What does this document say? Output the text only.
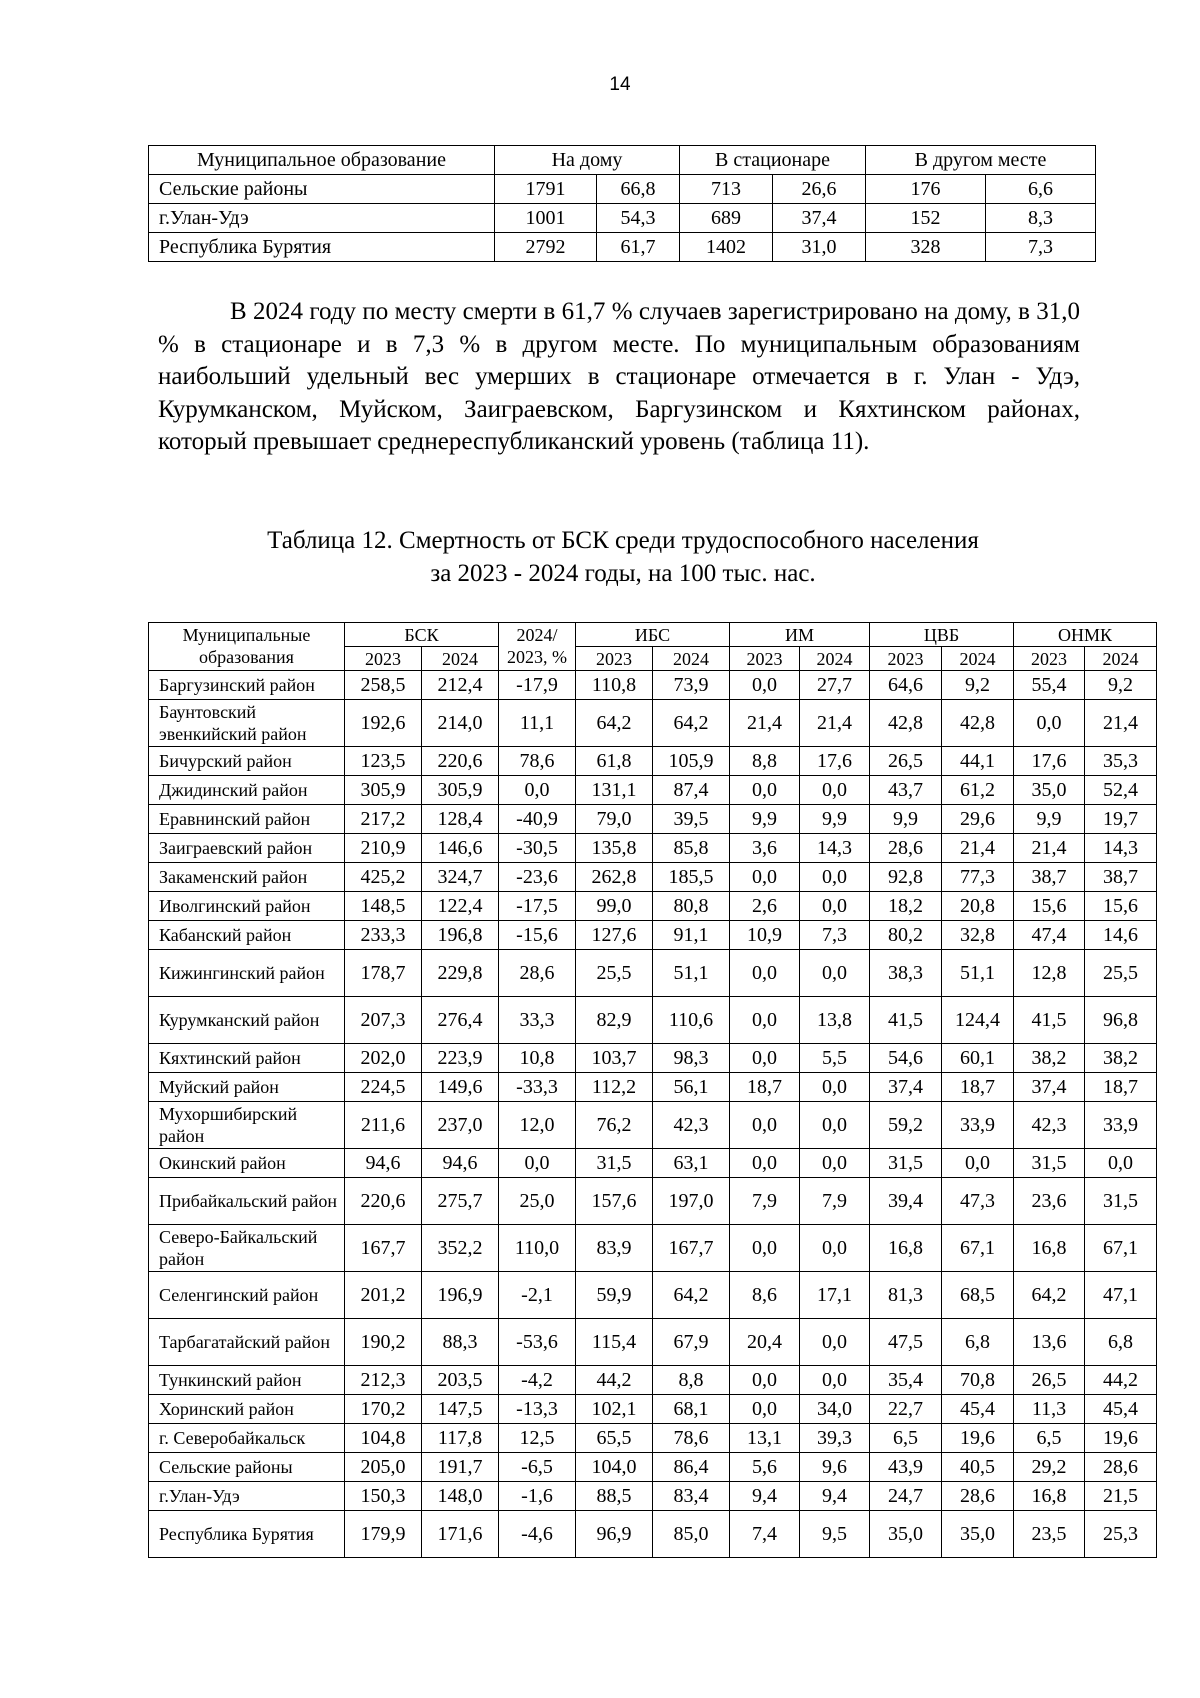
14
Муниципальное образование	На дому		В стационаре		В другом месте	
Сельские районы	1791	66,8	713	26,6	176	6,6
г.Улан-Удэ	1001	54,3	689	37,4	152	8,3
Республика Бурятия	2792	61,7	1402	31,0	328	7,3

В 2024 году по месту смерти в 61,7 % случаев зарегистрировано на дому, в 31,0 % в стационаре и в 7,3 % в другом месте. По муниципальным образованиям наибольший удельный вес умерших в стационаре отмечается в г. Улан - Удэ, Курумканском, Муйском, Заиграевском, Баргузинском и Кяхтинском районах, который превышает среднереспубликанский уровень (таблица 11).

Таблица 12. Смертность от БСК среди трудоспособного населения
за 2023 - 2024 годы, на 100 тыс. нас.
Муниципальные образования	БСК		2024/ 2023, %	ИБС		ИМ		ЦВБ		ОНМК	
	2023	2024		2023	2024	2023	2024	2023	2024	2023	2024
Баргузинский район	258,5	212,4	-17,9	110,8	73,9	0,0	27,7	64,6	9,2	55,4	9,2
Баунтовский эвенкийский район	192,6	214,0	11,1	64,2	64,2	21,4	21,4	42,8	42,8	0,0	21,4
Бичурский район	123,5	220,6	78,6	61,8	105,9	8,8	17,6	26,5	44,1	17,6	35,3
Джидинский район	305,9	305,9	0,0	131,1	87,4	0,0	0,0	43,7	61,2	35,0	52,4
Еравнинский район	217,2	128,4	-40,9	79,0	39,5	9,9	9,9	9,9	29,6	9,9	19,7
Заиграевский район	210,9	146,6	-30,5	135,8	85,8	3,6	14,3	28,6	21,4	21,4	14,3
Закаменский район	425,2	324,7	-23,6	262,8	185,5	0,0	0,0	92,8	77,3	38,7	38,7
Иволгинский район	148,5	122,4	-17,5	99,0	80,8	2,6	0,0	18,2	20,8	15,6	15,6
Кабанский район	233,3	196,8	-15,6	127,6	91,1	10,9	7,3	80,2	32,8	47,4	14,6
Кижингинский район	178,7	229,8	28,6	25,5	51,1	0,0	0,0	38,3	51,1	12,8	25,5
Курумканский район	207,3	276,4	33,3	82,9	110,6	0,0	13,8	41,5	124,4	41,5	96,8
Кяхтинский район	202,0	223,9	10,8	103,7	98,3	0,0	5,5	54,6	60,1	38,2	38,2
Муйский район	224,5	149,6	-33,3	112,2	56,1	18,7	0,0	37,4	18,7	37,4	18,7
Мухоршибирский район	211,6	237,0	12,0	76,2	42,3	0,0	0,0	59,2	33,9	42,3	33,9
Окинский район	94,6	94,6	0,0	31,5	63,1	0,0	0,0	31,5	0,0	31,5	0,0
Прибайкальский район	220,6	275,7	25,0	157,6	197,0	7,9	7,9	39,4	47,3	23,6	31,5
Северо-Байкальский район	167,7	352,2	110,0	83,9	167,7	0,0	0,0	16,8	67,1	16,8	67,1
Селенгинский район	201,2	196,9	-2,1	59,9	64,2	8,6	17,1	81,3	68,5	64,2	47,1
Тарбагатайский район	190,2	88,3	-53,6	115,4	67,9	20,4	0,0	47,5	6,8	13,6	6,8
Тункинский район	212,3	203,5	-4,2	44,2	8,8	0,0	0,0	35,4	70,8	26,5	44,2
Хоринский район	170,2	147,5	-13,3	102,1	68,1	0,0	34,0	22,7	45,4	11,3	45,4
г. Северобайкальск	104,8	117,8	12,5	65,5	78,6	13,1	39,3	6,5	19,6	6,5	19,6
Сельские районы	205,0	191,7	-6,5	104,0	86,4	5,6	9,6	43,9	40,5	29,2	28,6
г.Улан-Удэ	150,3	148,0	-1,6	88,5	83,4	9,4	9,4	24,7	28,6	16,8	21,5
Республика Бурятия	179,9	171,6	-4,6	96,9	85,0	7,4	9,5	35,0	35,0	23,5	25,3
